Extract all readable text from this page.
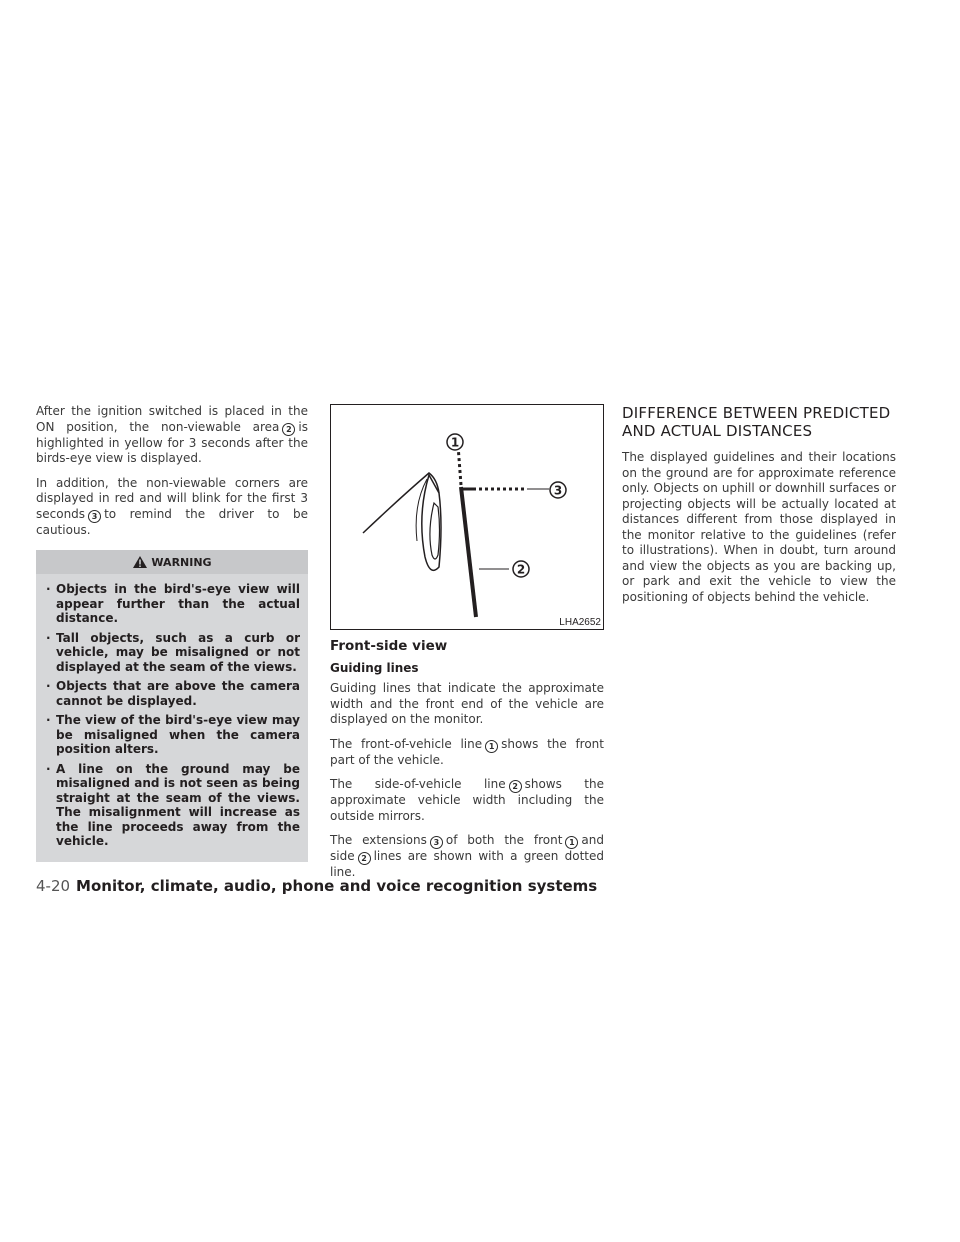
After the ignition switched is placed in the ON position, the non-viewable area 2 is highlighted in yellow for 3 seconds after the birds-eye view is displayed.

In addition, the non-viewable corners are displayed in red and will blink for the first 3 seconds 3 to remind the driver to be cautious.

WARNING
· Objects in the bird's-eye view will appear further than the actual distance.
· Tall objects, such as a curb or vehicle, may be misaligned or not displayed at the seam of the views.
· Objects that are above the camera cannot be displayed.
· The view of the bird's-eye view may be misaligned when the camera position alters.
· A line on the ground may be misaligned and is not seen as being straight at the seam of the views. The misalignment will increase as the line proceeds away from the vehicle.
1
3
2
LHA2652
Front-side view
Guiding lines

Guiding lines that indicate the approximate width and the front end of the vehicle are displayed on the monitor.

The front-of-vehicle line 1 shows the front part of the vehicle.

The side-of-vehicle line 2 shows the approximate vehicle width including the outside mirrors.

The extensions 3 of both the front 1 and side 2 lines are shown with a green dotted line.

DIFFERENCE BETWEEN PREDICTED AND ACTUAL DISTANCES

The displayed guidelines and their locations on the ground are for approximate reference only. Objects on uphill or downhill surfaces or projecting objects will be actually located at distances different from those displayed in the monitor relative to the guidelines (refer to illustrations). When in doubt, turn around and view the objects as you are backing up, or park and exit the vehicle to view the positioning of objects behind the vehicle.

4-20 Monitor, climate, audio, phone and voice recognition systems
